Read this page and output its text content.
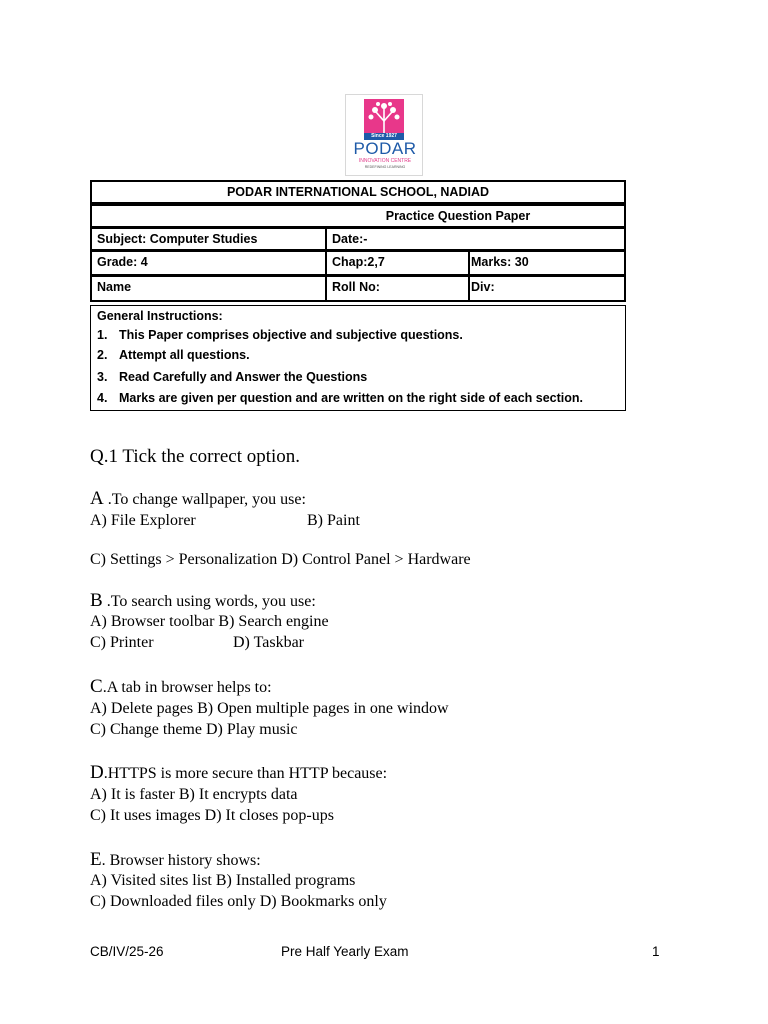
Since 1927
PODAR
INNOVATION CENTRE
REDEFINING LEARNING
PODAR INTERNATIONAL SCHOOL, NADIAD
Practice Question Paper
Subject: Computer Studies	Date:-
Grade: 4	Chap:2,7	Marks: 30
Name	Roll No:	Div:
General Instructions:
1. This Paper comprises objective and subjective questions.
2. Attempt all questions.
3. Read Carefully and Answer the Questions
4. Marks are given per question and are written on the right side of each section.
Q.1 Tick the correct option.
A .To change wallpaper, you use:
A) File Explorer	B) Paint
C) Settings > Personalization D) Control Panel > Hardware
B .To search using words, you use:
A) Browser toolbar B) Search engine
C) Printer	D) Taskbar
C.A tab in browser helps to:
A) Delete pages B) Open multiple pages in one window
C) Change theme D) Play music
D.HTTPS is more secure than HTTP because:
A) It is faster B) It encrypts data
C) It uses images D) It closes pop-ups
E. Browser history shows:
A) Visited sites list B) Installed programs
C) Downloaded files only D) Bookmarks only
CB/IV/25-26	Pre Half Yearly Exam	1
